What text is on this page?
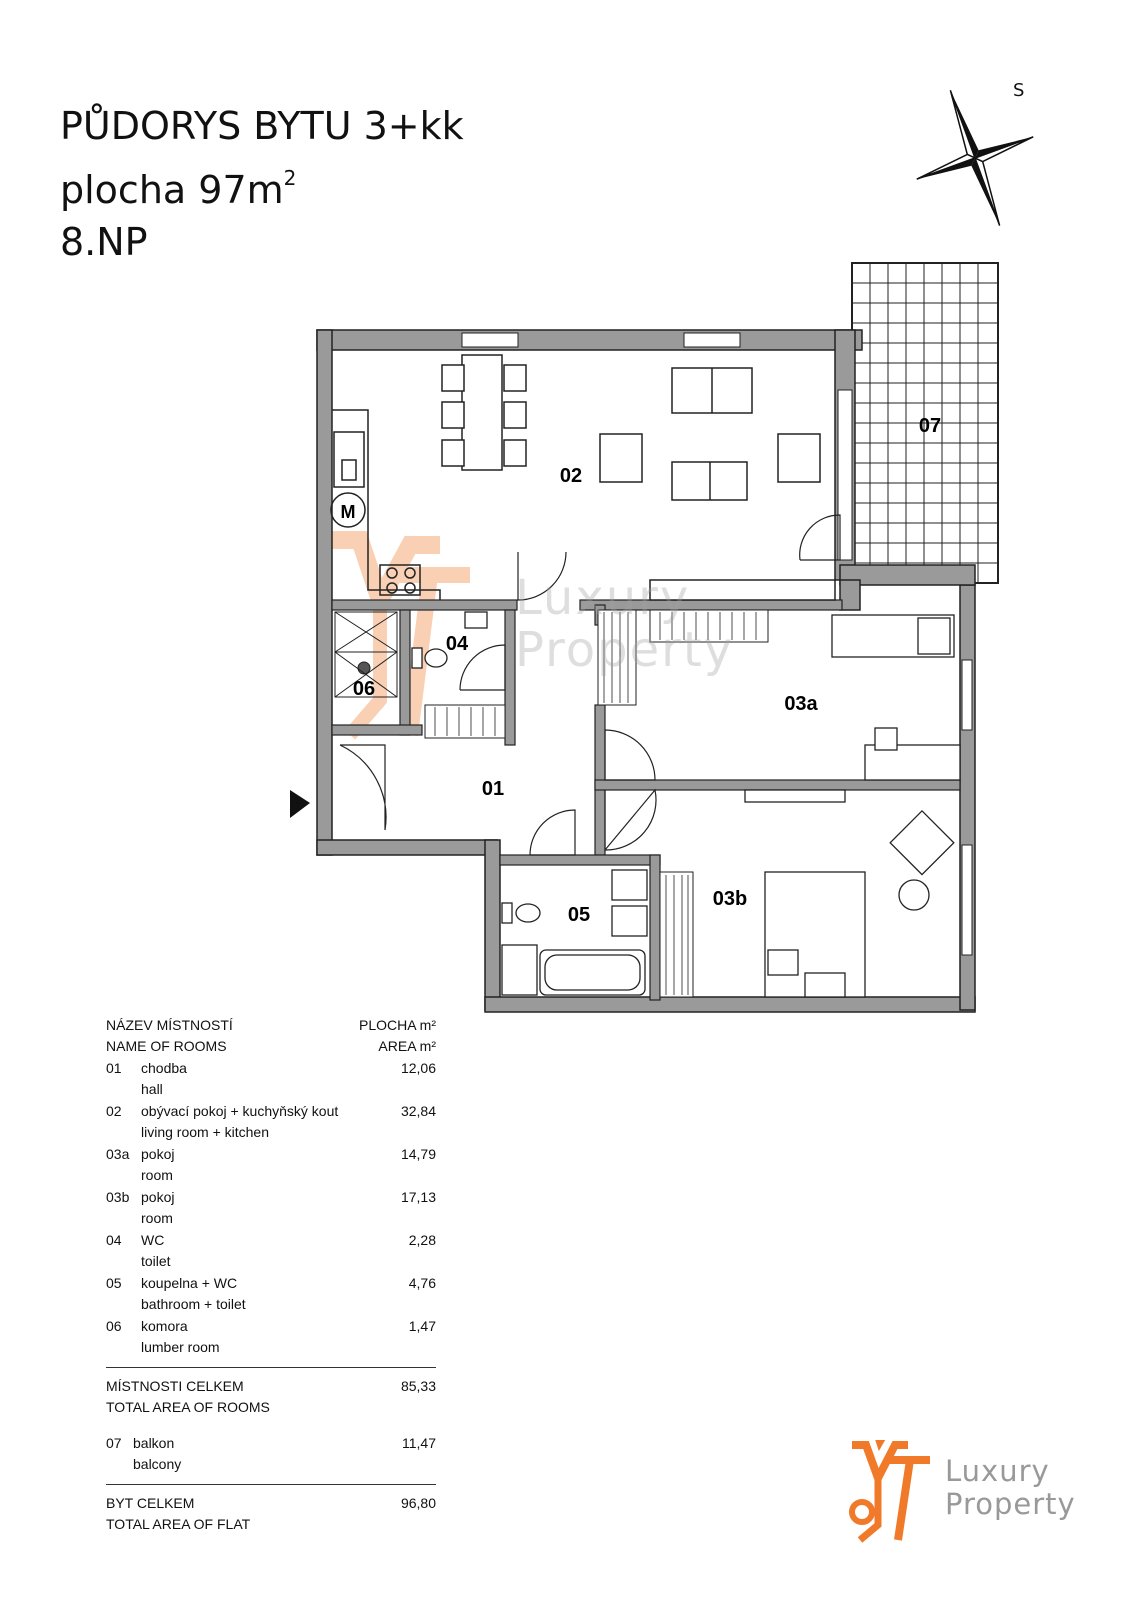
PŮDORYS BYTU 3+kk
plocha $97m^2$
8.NP
S
M
02
07
04
06
03a
01
03b
05
Luxury
Property
NÁZEV MÍSTNOSTÍ
NAME OF ROOMS
PLOCHA m²
AREA m²
01 chodba
hall
12,06
02 obývací pokoj + kuchyňský kout
living room + kitchen
32,84
03a pokoj
room
14,79
03b pokoj
room
17,13
04 WC
toilet
2,28
05 koupelna + WC
bathroom + toilet
4,76
06 komora
lumber room
1,47
MÍSTNOSTI CELKEM
TOTAL AREA OF ROOMS
85,33
07 balkon
balcony
11,47
BYT CELKEM
TOTAL AREA OF FLAT
96,80
Luxury
Property
